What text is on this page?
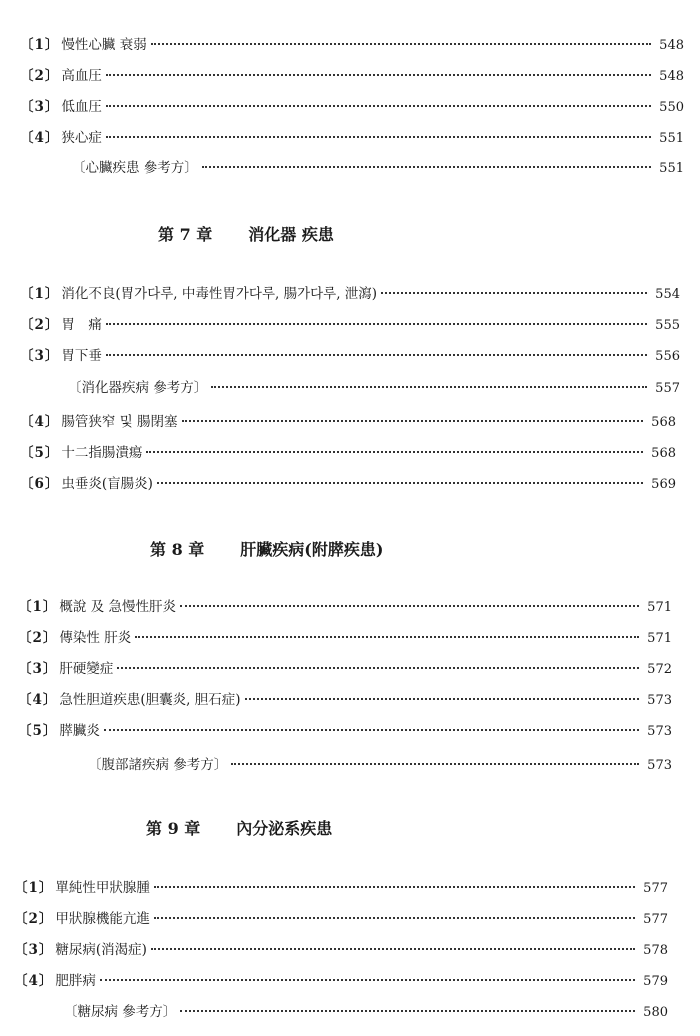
〔1〕 慢性心臟 衰弱	548
〔2〕 高血圧	548
〔3〕 低血圧	550
〔4〕 狭心症	551
〔心臟疾患 參考方〕	551
第 7 章 消化器 疾患
〔1〕 消化不良(胃가다루, 中毒性胃가다루, 腸가다루, 泄瀉)	554
〔2〕 胃　痛	555
〔3〕 胃下垂	556
〔消化器疾病 參考方〕	557
〔4〕 腸管狭窄 및 腸閉塞	568
〔5〕 十二指腸潰瘍	568
〔6〕 虫垂炎(盲腸炎)	569
第 8 章 肝臟疾病(附膵疾患)
〔1〕 概說 及 急慢性肝炎	571
〔2〕 傳染性 肝炎	571
〔3〕 肝硬變症	572
〔4〕 急性胆道疾患(胆囊炎, 胆石症)	573
〔5〕 膵臟炎	573
〔腹部諸疾病 參考方〕	573
第 9 章 內分泌系疾患
〔1〕 單純性甲狀腺腫	577
〔2〕 甲狀腺機能亢進	577
〔3〕 糖尿病(消渴症)	578
〔4〕 肥胖病	579
〔糖尿病 參考方〕	580
